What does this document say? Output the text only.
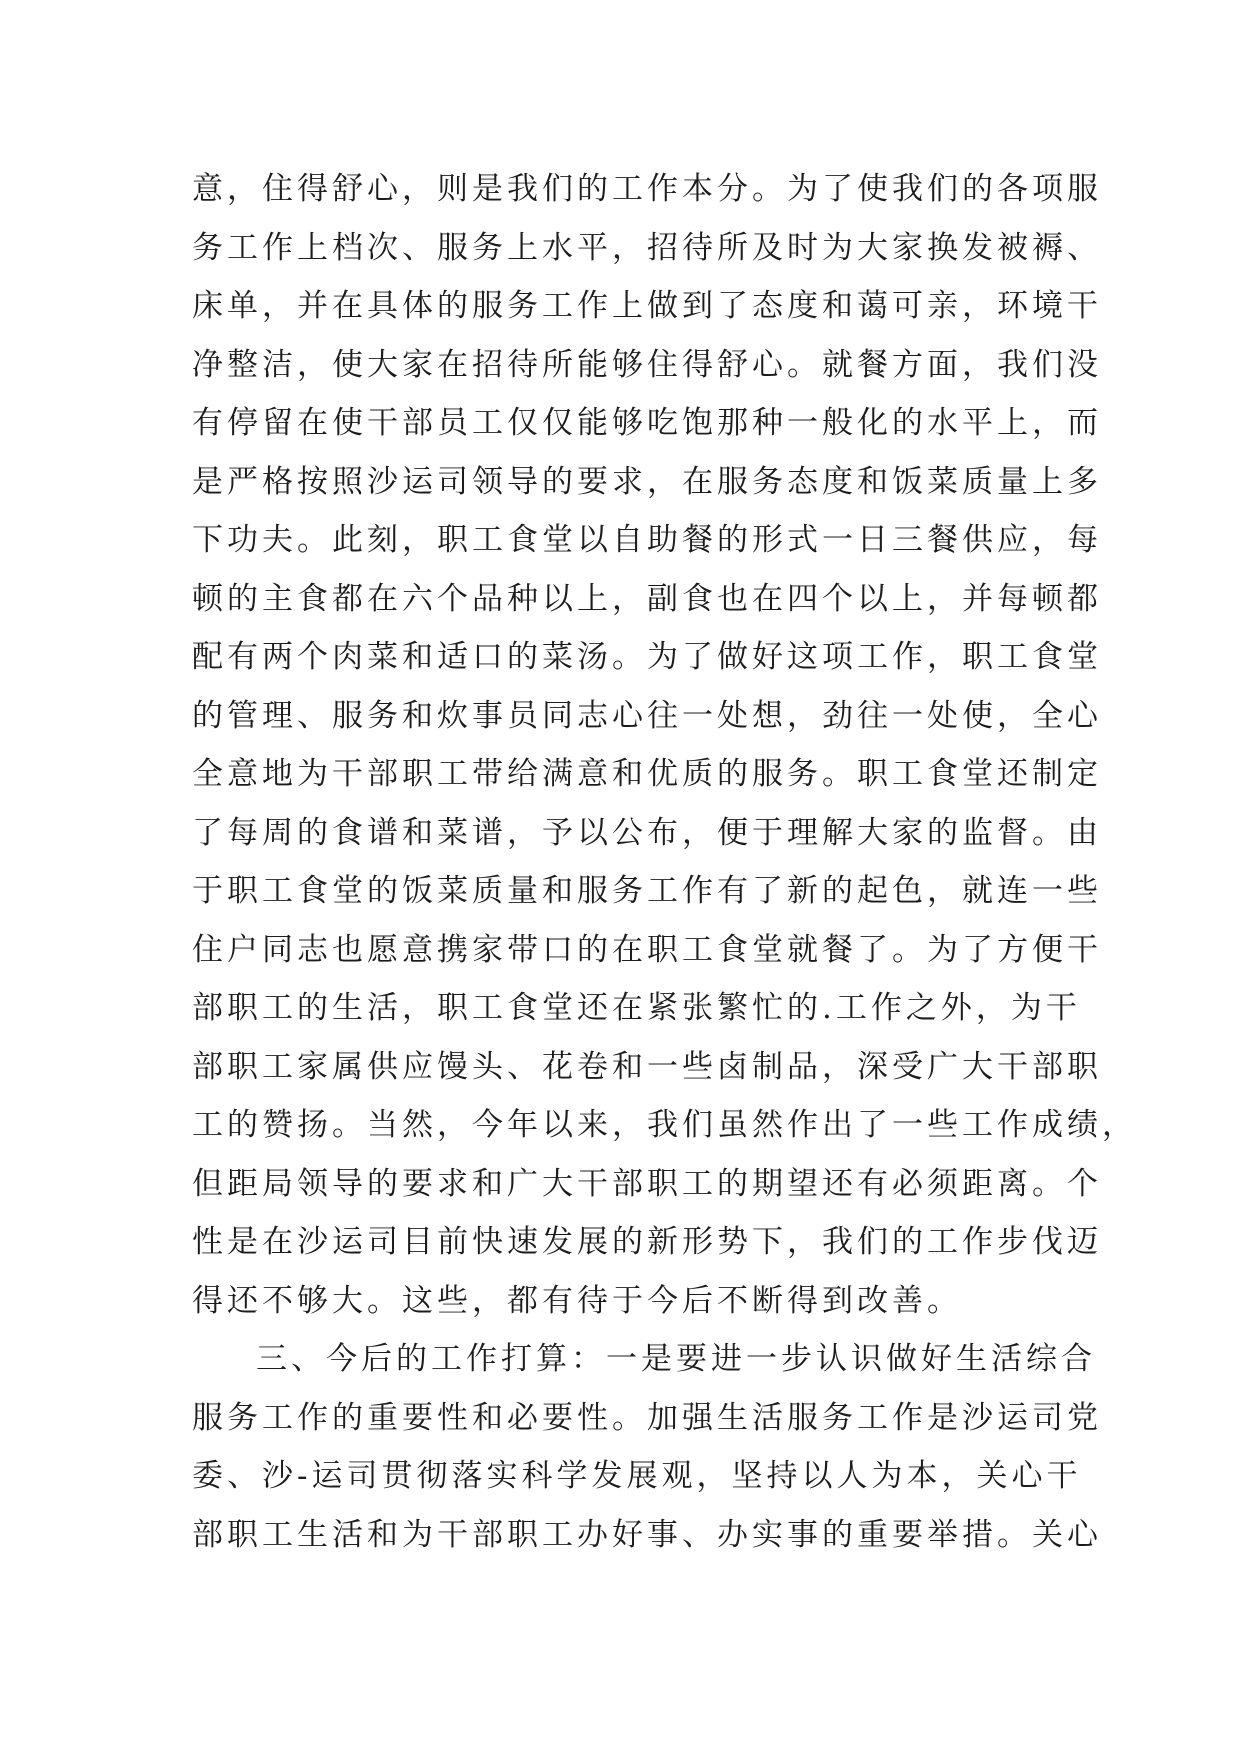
意，住得舒心，则是我们的工作本分。为了使我们的各项服
务工作上档次、服务上水平，招待所及时为大家换发被褥、
床单，并在具体的服务工作上做到了态度和蔼可亲，环境干
净整洁，使大家在招待所能够住得舒心。就餐方面，我们没
有停留在使干部员工仅仅能够吃饱那种一般化的水平上，而
是严格按照沙运司领导的要求，在服务态度和饭菜质量上多
下功夫。此刻，职工食堂以自助餐的形式一日三餐供应，每
顿的主食都在六个品种以上，副食也在四个以上，并每顿都
配有两个肉菜和适口的菜汤。为了做好这项工作，职工食堂
的管理、服务和炊事员同志心往一处想，劲往一处使，全心
全意地为干部职工带给满意和优质的服务。职工食堂还制定
了每周的食谱和菜谱，予以公布，便于理解大家的监督。由
于职工食堂的饭菜质量和服务工作有了新的起色，就连一些
住户同志也愿意携家带口的在职工食堂就餐了。为了方便干
部职工的生活，职工食堂还在紧张繁忙的.工作之外，为干
部职工家属供应馒头、花卷和一些卤制品，深受广大干部职
工的赞扬。当然，今年以来，我们虽然作出了一些工作成绩，
但距局领导的要求和广大干部职工的期望还有必须距离。个
性是在沙运司目前快速发展的新形势下，我们的工作步伐迈
得还不够大。这些，都有待于今后不断得到改善。
三、今后的工作打算：一是要进一步认识做好生活综合
服务工作的重要性和必要性。加强生活服务工作是沙运司党
委、沙-运司贯彻落实科学发展观，坚持以人为本，关心干
部职工生活和为干部职工办好事、办实事的重要举措。关心
